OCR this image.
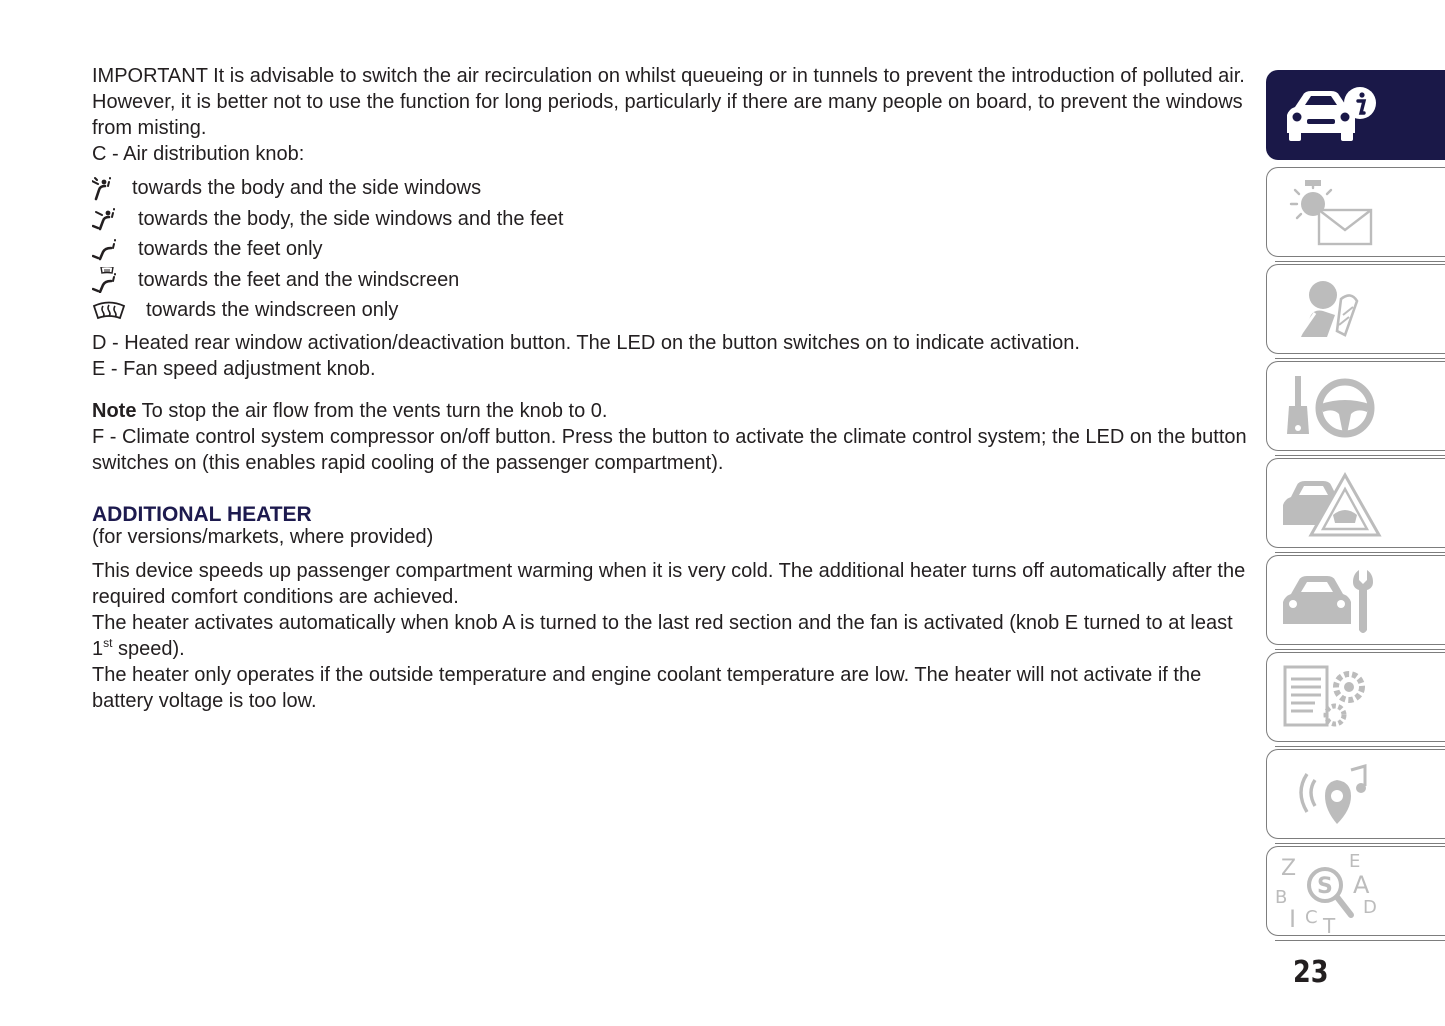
IMPORTANT It is advisable to switch the air recirculation on whilst queueing or in tunnels to prevent the introduction of polluted air. However, it is better not to use the function for long periods, particularly if there are many people on board, to prevent the windows from misting.

C - Air distribution knob:

towards the body and the side windows
towards the body, the side windows and the feet
towards the feet only
towards the feet and the windscreen
towards the windscreen only

D - Heated rear window activation/deactivation button. The LED on the button switches on to indicate activation.

E - Fan speed adjustment knob.

Note To stop the air flow from the vents turn the knob to 0.

F - Climate control system compressor on/off button. Press the button to activate the climate control system; the LED on the button switches on (this enables rapid cooling of the passenger compartment).

ADDITIONAL HEATER

(for versions/markets, where provided)

This device speeds up passenger compartment warming when it is very cold. The additional heater turns off automatically after the required comfort conditions are achieved.

The heater activates automatically when knob A is turned to the last red section and the fan is activated (knob E turned to at least 1st speed).

The heater only operates if the outside temperature and engine coolant temperature are low. The heater will not activate if the battery voltage is too low.

Z	E
A
B
I C T
D
S
23
